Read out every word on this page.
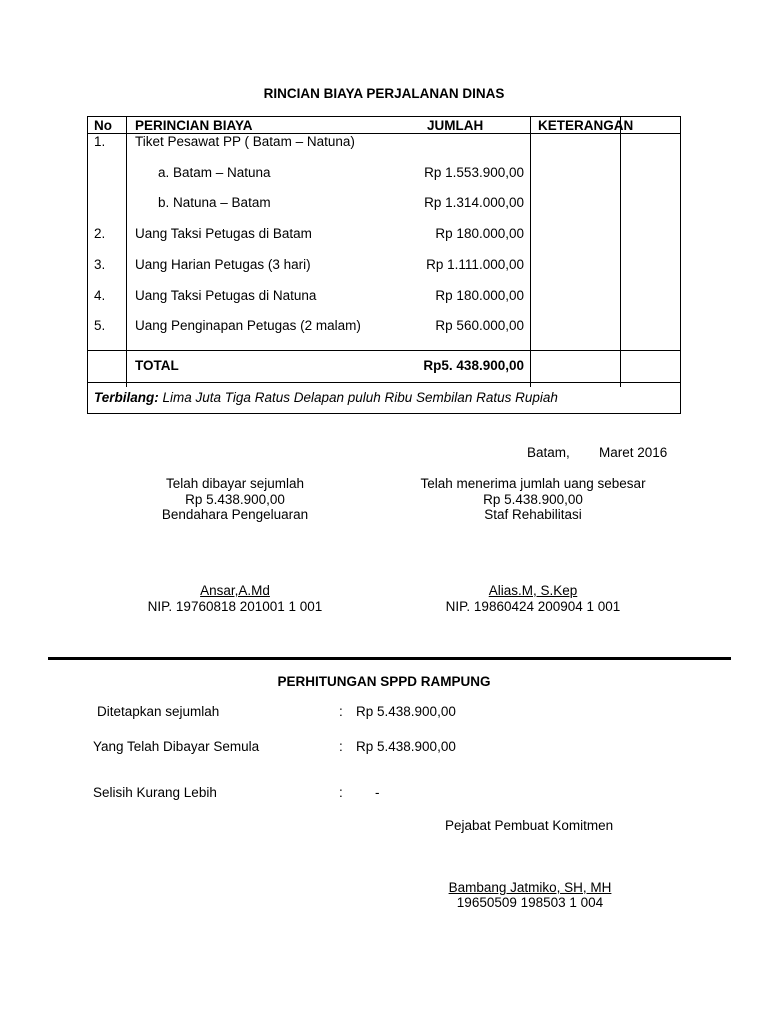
RINCIAN BIAYA PERJALANAN DINAS
No PERINCIAN BIAYA	JUMLAH	KETERANGAN
1. Tiket Pesawat PP ( Batam – Natuna)
a. Batam – Natuna	Rp 1.553.900,00
b. Natuna – Batam	Rp 1.314.000,00
2. Uang Taksi Petugas di Batam	Rp 180.000,00
3. Uang Harian Petugas (3 hari)	Rp 1.111.000,00
4. Uang Taksi Petugas di Natuna	Rp 180.000,00
5. Uang Penginapan Petugas (2 malam)	Rp 560.000,00
TOTAL	Rp5. 438.900,00
Terbilang: Lima Juta Tiga Ratus Delapan puluh Ribu Sembilan Ratus Rupiah
Batam, Maret 2016
Telah dibayar sejumlah
Rp 5.438.900,00
Bendahara Pengeluaran
Ansar,A.Md
NIP. 19760818 201001 1 001
Telah menerima jumlah uang sebesar
Rp 5.438.900,00
Staf Rehabilitasi
Alias.M, S.Kep
NIP. 19860424 200904 1 001
PERHITUNGAN SPPD RAMPUNG
Ditetapkan sejumlah	: Rp 5.438.900,00
Yang Telah Dibayar Semula	: Rp 5.438.900,00
Selisih Kurang Lebih	: -
Pejabat Pembuat Komitmen
Bambang Jatmiko, SH, MH
19650509 198503 1 004
